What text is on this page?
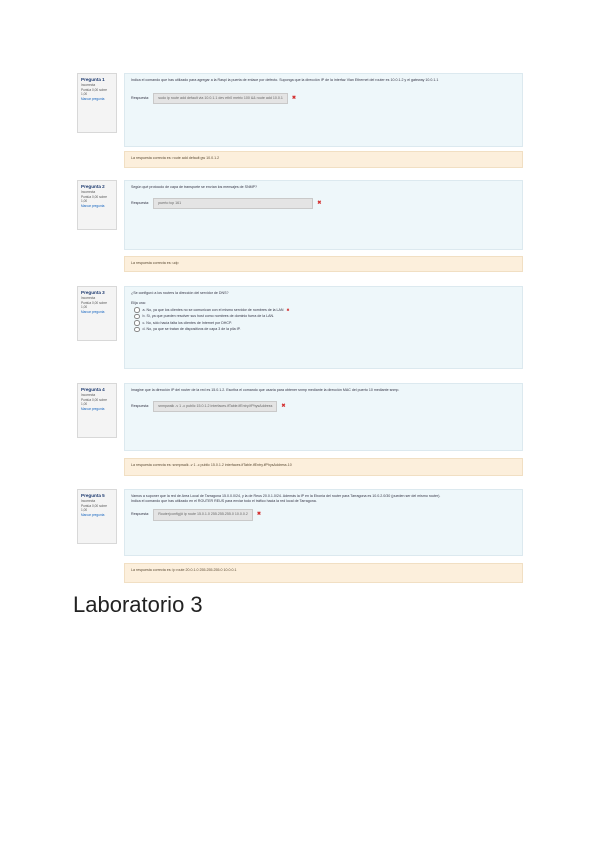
Pregunta 1
Incorrecta
Puntúa 0,00 sobre 1,00
Marcar pregunta
Indica el comando que has utilizado para agregar a la Raspi la puerta de enlace por defecto. Suponga que la dirección IP de la interfaz Vlan Ethernet del router es 10.0.1.2 y el gateway 10.0.1.1
Respuesta:	sudo ip route add default via 10.0.1.1 dev eth0 metric 100 && route add 10.0.1	✖
La respuesta correcta es: route add default gw 10.0.1.2
Pregunta 2
Incorrecta
Puntúa 0,00 sobre 1,00
Marcar pregunta
Según qué protocolo de capa de transporte se envían los mensajes de SNMP?
Respuesta:	puerto tcp 161	✖
La respuesta correcta es: udp
Pregunta 3
Incorrecta
Puntúa 0,00 sobre 1,00
Marcar pregunta
¿Se configuró a los routers la dirección del servidor de DNS?
Elija una:
a. No, ya que los clientes no se comunican con el mismo servidor de nombres de la LAN ✖
b. Sí, ya que pueden resolver sus host como nombres de dominio fuera de la LAN.
c. No, sólo hacía falta los clientes de Internet por DHCP.
d. No, ya que se tratan de dispositivos de capa 3 de la pila IP.
Pregunta 4
Incorrecta
Puntúa 0,00 sobre 1,00
Marcar pregunta
Imagine que la dirección IP del router de la red es 15.0.1.2. Escriba el comando que usaría para obtener snmp mediante la dirección MAC del puerto 10 mediante snmp.
Respuesta:	snmpwalk -v 1 -c public 15.0.1.2 interfaces.ifTable.ifEntry.ifPhysAddress	✖
La respuesta correcta es: snmpwalk -v 1 -c public 15.0.1.2 interfaces.ifTable.ifEntry.ifPhysAddress.10
Pregunta 5
Incorrecta
Puntúa 0,00 sobre 1,00
Marcar pregunta
Vamos a suponer que la red de Area Local de Tarragona 15.0.0.0/24, y la de Reus 20.0.1.0/24. Además la IP en la Ebonia del router para Tarragona es 10.0.2.0/30 (pueden ser del mismo router).
Indica el comando que has utilizado en el ROUTER REUS para enviar todo el tráfico hacia la red local de Tarragona.
Respuesta:	Router(config)# ip route 15.0.1.0 255.255.255.0 10.0.0.2	✖
La respuesta correcta es: ip route 20.0.1.0 255.255.255.0 10.0.0.1
Laboratorio 3
